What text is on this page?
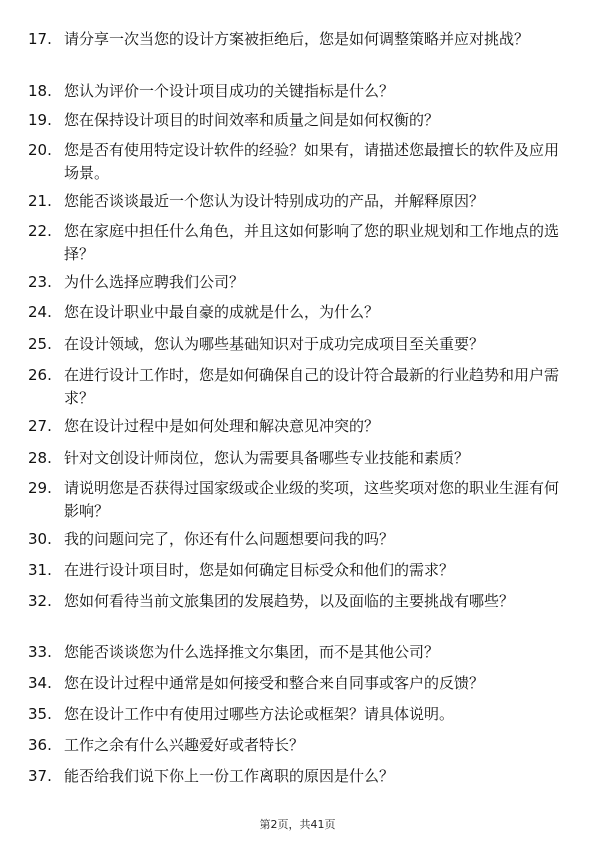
17. 请分享一次当您的设计方案被拒绝后，您是如何调整策略并应对挑战？
18. 您认为评价一个设计项目成功的关键指标是什么？
19. 您在保持设计项目的时间效率和质量之间是如何权衡的？
20. 您是否有使用特定设计软件的经验？如果有，请描述您最擅长的软件及应用场景。
21. 您能否谈谈最近一个您认为设计特别成功的产品，并解释原因？
22. 您在家庭中担任什么角色，并且这如何影响了您的职业规划和工作地点的选择？
23. 为什么选择应聘我们公司？
24. 您在设计职业中最自豪的成就是什么，为什么？
25. 在设计领域，您认为哪些基础知识对于成功完成项目至关重要？
26. 在进行设计工作时，您是如何确保自己的设计符合最新的行业趋势和用户需求？
27. 您在设计过程中是如何处理和解决意见冲突的？
28. 针对文创设计师岗位，您认为需要具备哪些专业技能和素质？
29. 请说明您是否获得过国家级或企业级的奖项，这些奖项对您的职业生涯有何影响？
30. 我的问题问完了，你还有什么问题想要问我的吗？
31. 在进行设计项目时，您是如何确定目标受众和他们的需求？
32. 您如何看待当前文旅集团的发展趋势，以及面临的主要挑战有哪些？
33. 您能否谈谈您为什么选择推文尔集团，而不是其他公司？
34. 您在设计过程中通常是如何接受和整合来自同事或客户的反馈？
35. 您在设计工作中有使用过哪些方法论或框架？请具体说明。
36. 工作之余有什么兴趣爱好或者特长？
37. 能否给我们说下你上一份工作离职的原因是什么？
第2页，共41页
